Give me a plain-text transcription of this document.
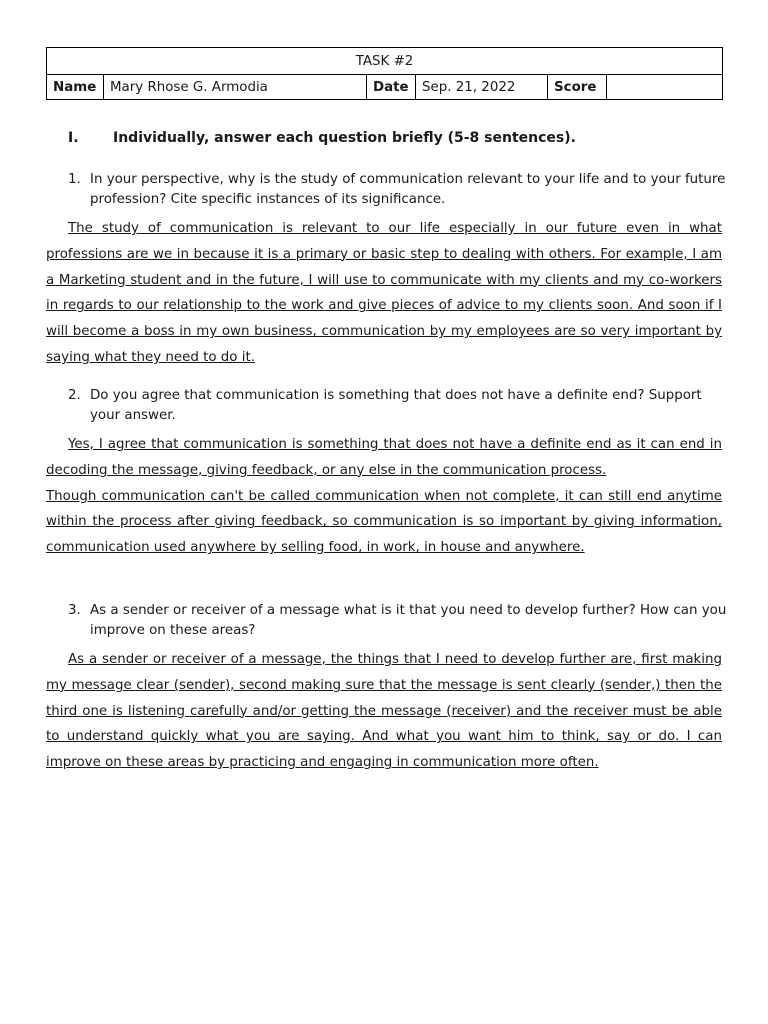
TASK #2
Name	Mary Rhose G. Armodia	Date	Sep. 21, 2022	Score	
I. Individually, answer each question briefly (5-8 sentences).
1. In your perspective, why is the study of communication relevant to your life and to your future profession? Cite specific instances of its significance.

The study of communication is relevant to our life especially in our future even in what professions are we in because it is a primary or basic step to dealing with others. For example, I am a Marketing student and in the future, I will use to communicate with my clients and my co-workers in regards to our relationship to the work and give pieces of advice to my clients soon. And soon if I will become a boss in my own business, communication by my employees are so very important by saying what they need to do it.

2. Do you agree that communication is something that does not have a definite end? Support your answer.

Yes, I agree that communication is something that does not have a definite end as it can end in decoding the message, giving feedback, or any else in the communication process.

Though communication can't be called communication when not complete, it can still end anytime within the process after giving feedback, so communication is so important by giving information, communication used anywhere by selling food, in work, in house and anywhere.

3. As a sender or receiver of a message what is it that you need to develop further? How can you improve on these areas?

As a sender or receiver of a message, the things that I need to develop further are, first making my message clear (sender), second making sure that the message is sent clearly (sender,) then the third one is listening carefully and/or getting the message (receiver) and the receiver must be able to understand quickly what you are saying. And what you want him to think, say or do. I can improve on these areas by practicing and engaging in communication more often.
